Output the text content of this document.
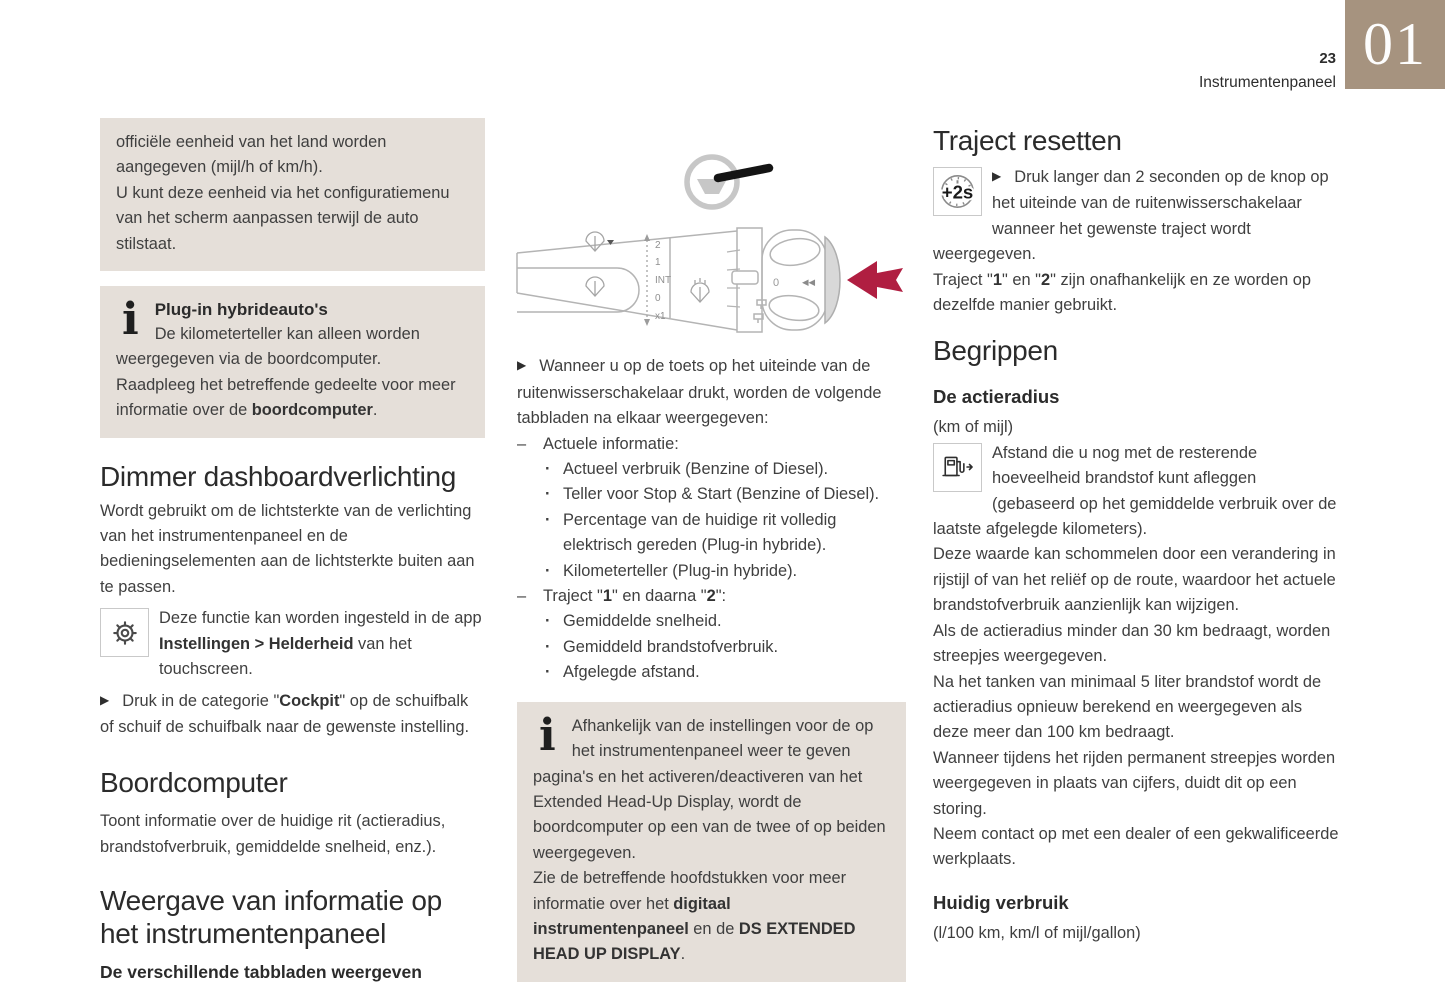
23
Instrumentenpaneel
01

officiële eenheid van het land worden aangegeven (mijl/h of km/h).

U kunt deze eenheid via het configuratiemenu van het scherm aanpassen terwijl de auto stilstaat.

i Plug-in hybrideauto's

De kilometerteller kan alleen worden weergegeven via de boordcomputer.

Raadpleeg het betreffende gedeelte voor meer informatie over de boordcomputer.

Dimmer dashboardverlichting

Wordt gebruikt om de lichtsterkte van de verlichting van het instrumentenpaneel en de bedieningselementen aan de lichtsterkte buiten aan te passen.

Deze functie kan worden ingesteld in de app Instellingen > Helderheid van het touchscreen.

▶ Druk in de categorie "Cockpit" op de schuifbalk of schuif de schuifbalk naar de gewenste instelling.

Boordcomputer

Toont informatie over de huidige rit (actieradius, brandstofverbruik, gemiddelde snelheid, enz.).

Weergave van informatie op het instrumentenpaneel

De verschillende tabbladen weergeven

2
1
INT
0
x1
0	◀◀

▶ Wanneer u op de toets op het uiteinde van de ruitenwisserschakelaar drukt, worden de volgende tabbladen na elkaar weergegeven:

– Actuele informatie:
· Actueel verbruik (Benzine of Diesel).
· Teller voor Stop & Start (Benzine of Diesel).
· Percentage van de huidige rit volledig elektrisch gereden (Plug-in hybride).
· Kilometerteller (Plug-in hybride).
– Traject "1" en daarna "2":
· Gemiddelde snelheid.
· Gemiddeld brandstofverbruik.
· Afgelegde afstand.
i Afhankelijk van de instellingen voor de op het instrumentenpaneel weer te geven pagina's en het activeren/deactiveren van het Extended Head-Up Display, wordt de boordcomputer op een van de twee of op beiden weergegeven.

Zie de betreffende hoofdstukken voor meer informatie over het digitaal instrumentenpaneel en de DS EXTENDED HEAD UP DISPLAY.

Traject resetten
+2s

▶ Druk langer dan 2 seconden op de knop op het uiteinde van de ruitenwisserschakelaar wanneer het gewenste traject wordt weergegeven.

Traject "1" en "2" zijn onafhankelijk en ze worden op dezelfde manier gebruikt.

Begrippen

De actieradius

(km of mijl)

Afstand die u nog met de resterende hoeveelheid brandstof kunt afleggen (gebaseerd op het gemiddelde verbruik over de laatste afgelegde kilometers).

Deze waarde kan schommelen door een verandering in rijstijl of van het reliëf op de route, waardoor het actuele brandstofverbruik aanzienlijk kan wijzigen.

Als de actieradius minder dan 30 km bedraagt, worden streepjes weergegeven.

Na het tanken van minimaal 5 liter brandstof wordt de actieradius opnieuw berekend en weergegeven als deze meer dan 100 km bedraagt.

Wanneer tijdens het rijden permanent streepjes worden weergegeven in plaats van cijfers, duidt dit op een storing.

Neem contact op met een dealer of een gekwalificeerde werkplaats.

Huidig verbruik

(l/100 km, km/l of mijl/gallon)
